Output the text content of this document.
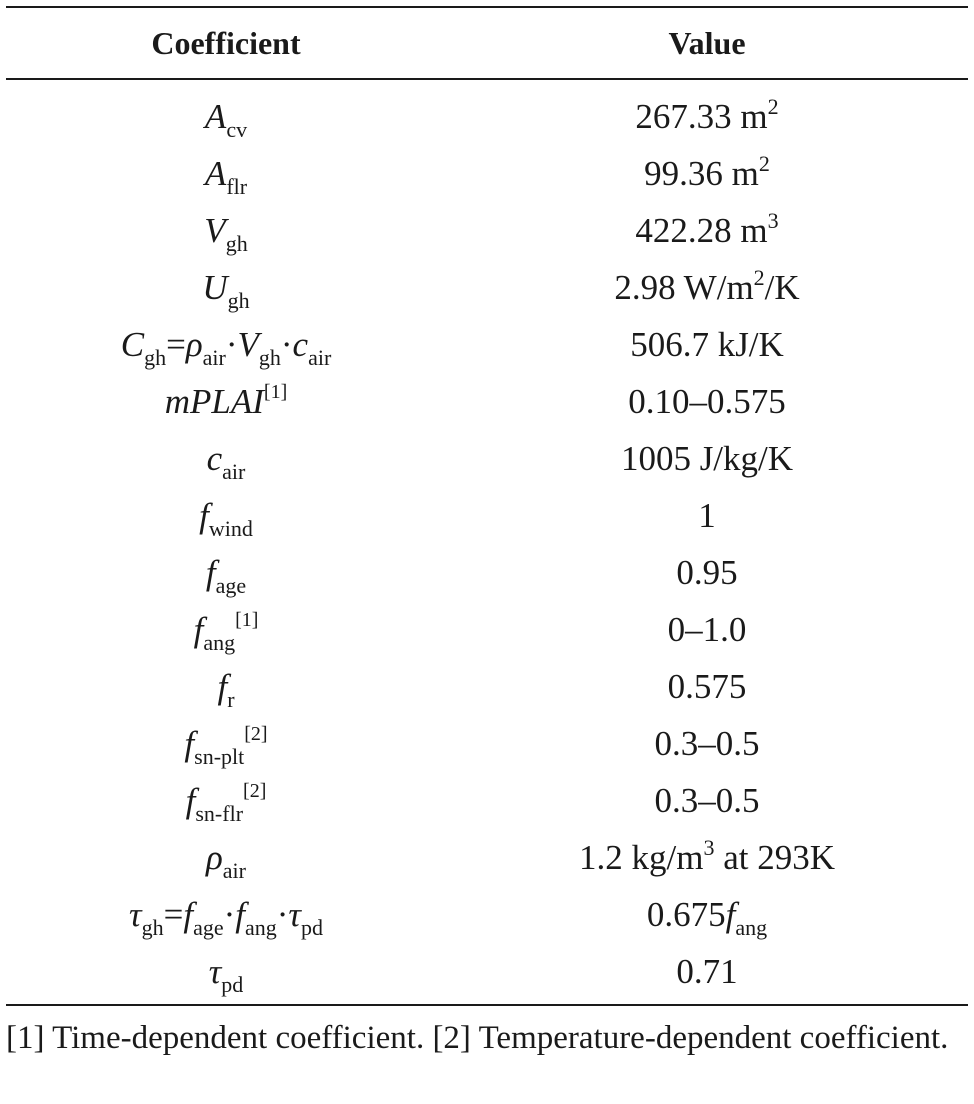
Coefficient	Value
$A_{cv}$	267.33 $m^2$
$A_{flr}$	99.36 $m^2$
$V_{gh}$	422.28 $m^3$
$U_{gh}$	2.98 $W/m^2/K$
$C_{gh}=\rho_{air}\cdot V_{gh}\cdot c_{air}$	506.7 kJ/K
mPLAI[1]	0.10–0.575
$c_{air}$	1005 J/kg/K
$f_{wind}$	1
$f_{age}$	0.95
$f_{ang}[1]$	0–1.0
$f_r$	0.575
$f_{sn-plt}[2]$	0.3–0.5
$f_{sn-flr}[2]$	0.3–0.5
$\rho_{air}$	1.2 $kg/m^3$ at 293K
$\tau_{gh}=f_{age}\cdot f_{ang}\cdot\tau_{pd}$	$0.675f_{ang}$
$\tau_{pd}$	0.71
[1] Time-dependent coefficient. [2] Temperature-dependent coefficient.
